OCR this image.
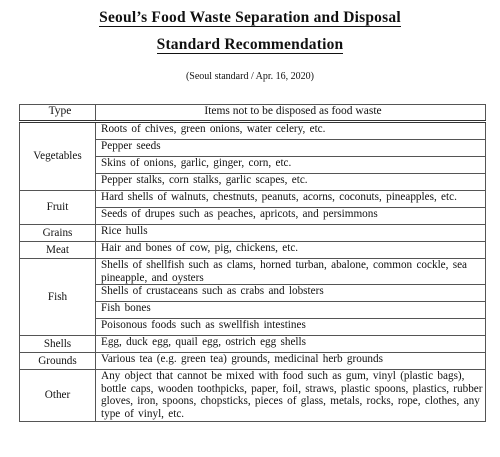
Seoul’s Food Waste Separation and Disposal
Standard Recommendation
(Seoul standard / Apr. 16, 2020)
Type	Items not to be disposed as food waste
Vegetables	Roots of chives, green onions, water celery, etc.
	Pepper seeds
	Skins of onions, garlic, ginger, corn, etc.
	Pepper stalks, corn stalks, garlic scapes, etc.
Fruit	Hard shells of walnuts, chestnuts, peanuts, acorns, coconuts, pineapples, etc.
	Seeds of drupes such as peaches, apricots, and persimmons
Grains	Rice hulls
Meat	Hair and bones of cow, pig, chickens, etc.
Fish	Shells of shellfish such as clams, horned turban, abalone, common cockle, sea pineapple, and oysters
	Shells of crustaceans such as crabs and lobsters
	Fish bones
	Poisonous foods such as swellfish intestines
Shells	Egg, duck egg, quail egg, ostrich egg shells
Grounds	Various tea (e.g. green tea) grounds, medicinal herb grounds
Other	Any object that cannot be mixed with food such as gum, vinyl (plastic bags), bottle caps, wooden toothpicks, paper, foil, straws, plastic spoons, plastics, rubber gloves, iron, spoons, chopsticks, pieces of glass, metals, rocks, rope, clothes, any type of vinyl, etc.
